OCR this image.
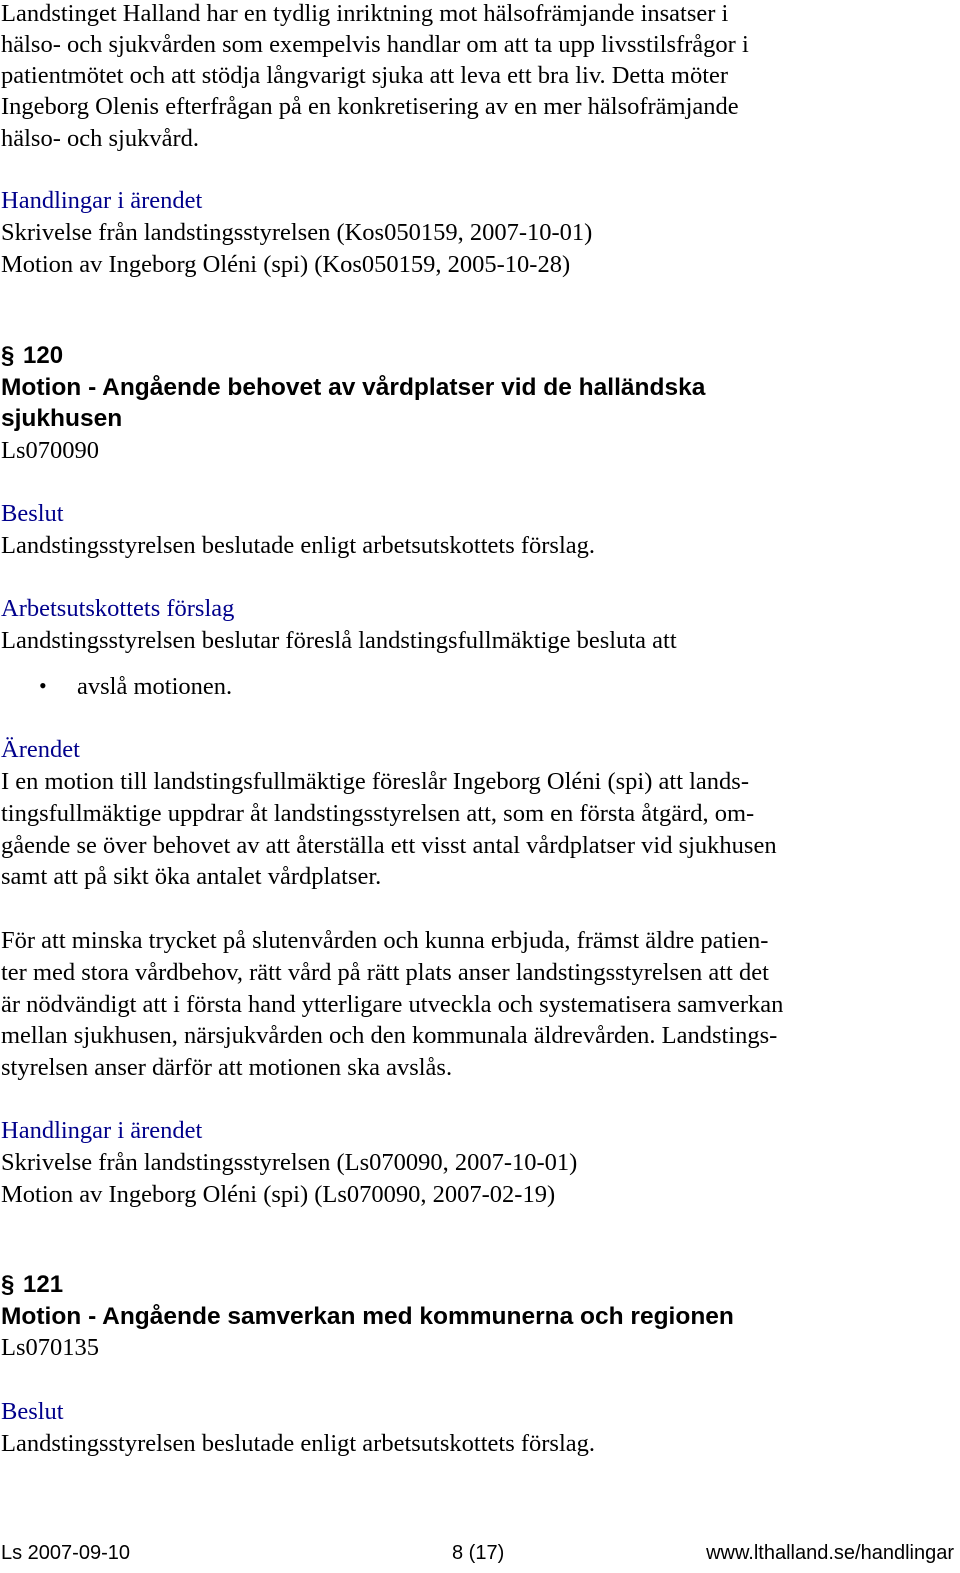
Landstinget Halland har en tydlig inriktning mot hälsofrämjande insatser i
hälso- och sjukvården som exempelvis handlar om att ta upp livsstilsfrågor i
patientmötet och att stödja långvarigt sjuka att leva ett bra liv. Detta möter
Ingeborg Olenis efterfrågan på en konkretisering av en mer hälsofrämjande
hälso- och sjukvård.
Handlingar i ärendet
Skrivelse från landstingsstyrelsen (Kos050159, 2007-10-01)
Motion av Ingeborg Oléni (spi) (Kos050159, 2005-10-28)
§ 120
Motion - Angående behovet av vårdplatser vid de halländska
sjukhusen
Ls070090
Beslut
Landstingsstyrelsen beslutade enligt arbetsutskottets förslag.
Arbetsutskottets förslag
Landstingsstyrelsen beslutar föreslå landstingsfullmäktige besluta att
• avslå motionen.
Ärendet
I en motion till landstingsfullmäktige föreslår Ingeborg Oléni (spi) att lands-
tingsfullmäktige uppdrar åt landstingsstyrelsen att, som en första åtgärd, om-
gående se över behovet av att återställa ett visst antal vårdplatser vid sjukhusen
samt att på sikt öka antalet vårdplatser.
För att minska trycket på slutenvården och kunna erbjuda, främst äldre patien-
ter med stora vårdbehov, rätt vård på rätt plats anser landstingsstyrelsen att det
är nödvändigt att i första hand ytterligare utveckla och systematisera samverkan
mellan sjukhusen, närsjukvården och den kommunala äldrevården. Landstings-
styrelsen anser därför att motionen ska avslås.
Handlingar i ärendet
Skrivelse från landstingsstyrelsen (Ls070090, 2007-10-01)
Motion av Ingeborg Oléni (spi) (Ls070090, 2007-02-19)
§ 121
Motion - Angående samverkan med kommunerna och regionen
Ls070135
Beslut
Landstingsstyrelsen beslutade enligt arbetsutskottets förslag.
Ls 2007-09-10	8 (17)	www.lthalland.se/handlingar
